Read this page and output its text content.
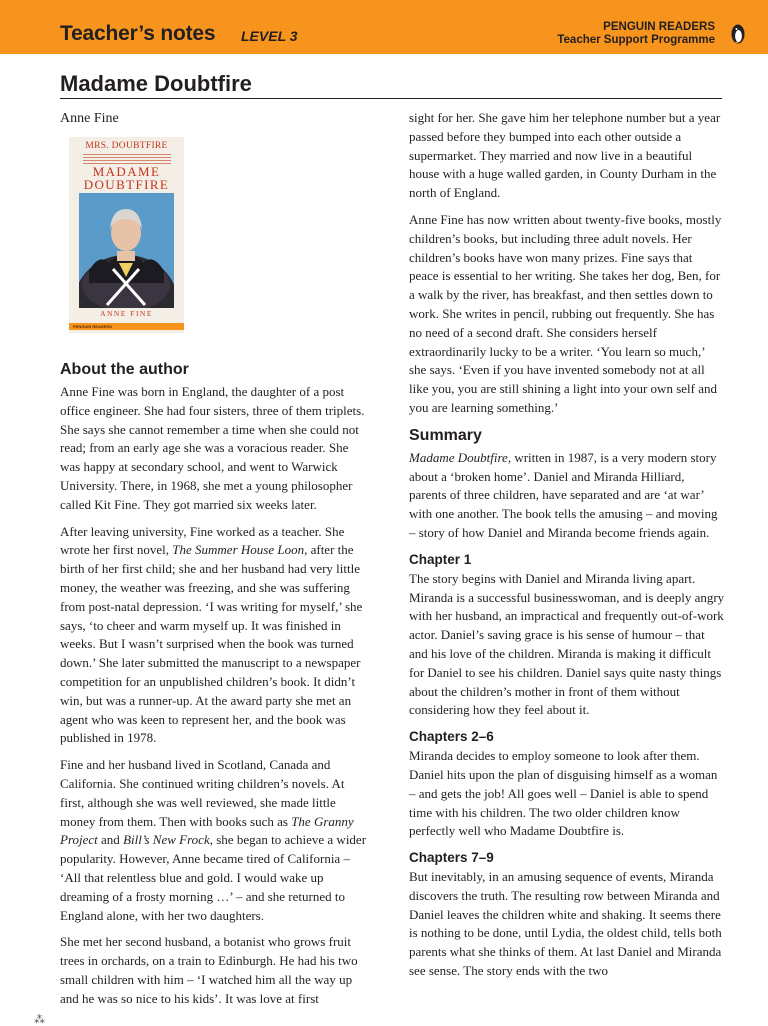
Teacher’s notes LEVEL 3
PENGUIN READERS
Teacher Support Programme
Madame Doubtfire
Anne Fine
MRS. DOUBTFIRE
MADAME
DOUBTFIRE
ANNE FINE
PENGUIN READERS
About the author

Anne Fine was born in England, the daughter of a post office engineer. She had four sisters, three of them triplets. She says she cannot remember a time when she could not read; from an early age she was a voracious reader. She was happy at secondary school, and went to Warwick University. There, in 1968, she met a young philosopher called Kit Fine. They got married six weeks later.

After leaving university, Fine worked as a teacher. She wrote her first novel, The Summer House Loon, after the birth of her first child; she and her husband had very little money, the weather was freezing, and she was suffering from post-natal depression. ‘I was writing for myself,’ she says, ‘to cheer and warm myself up. It was finished in weeks. But I wasn’t surprised when the book was turned down.’ She later submitted the manuscript to a newspaper competition for an unpublished children’s book. It didn’t win, but was a runner-up. At the award party she met an agent who was keen to represent her, and the book was published in 1978.

Fine and her husband lived in Scotland, Canada and California. She continued writing children’s novels. At first, although she was well reviewed, she made little money from them. Then with books such as The Granny Project and Bill’s New Frock, she began to achieve a wider popularity. However, Anne became tired of California – ‘All that relentless blue and gold. I would wake up dreaming of a frosty morning …’ – and she returned to England alone, with her two daughters.

She met her second husband, a botanist who grows fruit trees in orchards, on a train to Edinburgh. He had his two small children with him – ‘I watched him all the way up and he was so nice to his kids’. It was love at first

sight for her. She gave him her telephone number but a year passed before they bumped into each other outside a supermarket. They married and now live in a beautiful house with a huge walled garden, in County Durham in the north of England.

Anne Fine has now written about twenty-five books, mostly children’s books, but including three adult novels. Her children’s books have won many prizes. Fine says that peace is essential to her writing. She takes her dog, Ben, for a walk by the river, has breakfast, and then settles down to work. She writes in pencil, rubbing out frequently. She has no need of a second draft. She considers herself extraordinarily lucky to be a writer. ‘You learn so much,’ she says. ‘Even if you have invented somebody not at all like you, you are still shining a light into your own self and you are learning something.’

Summary

Madame Doubtfire, written in 1987, is a very modern story about a ‘broken home’. Daniel and Miranda Hilliard, parents of three children, have separated and are ‘at war’ with one another. The book tells the amusing – and moving – story of how Daniel and Miranda become friends again.

Chapter 1

The story begins with Daniel and Miranda living apart. Miranda is a successful businesswoman, and is deeply angry with her husband, an impractical and frequently out-of-work actor. Daniel’s saving grace is his sense of humour – that and his love of the children. Miranda is making it difficult for Daniel to see his children. Daniel says quite nasty things about the children’s mother in front of them without considering how they feel about it.

Chapters 2–6

Miranda decides to employ someone to look after them. Daniel hits upon the plan of disguising himself as a woman – and gets the job! All goes well – Daniel is able to spend time with his children. The two older children know perfectly well who Madame Doubtfire is.

Chapters 7–9

But inevitably, in an amusing sequence of events, Miranda discovers the truth. The resulting row between Miranda and Daniel leaves the children white and shaking. It seems there is nothing to be done, until Lydia, the oldest child, tells both parents what she thinks of them. At last Daniel and Miranda see sense. The story ends with the two

⁂
